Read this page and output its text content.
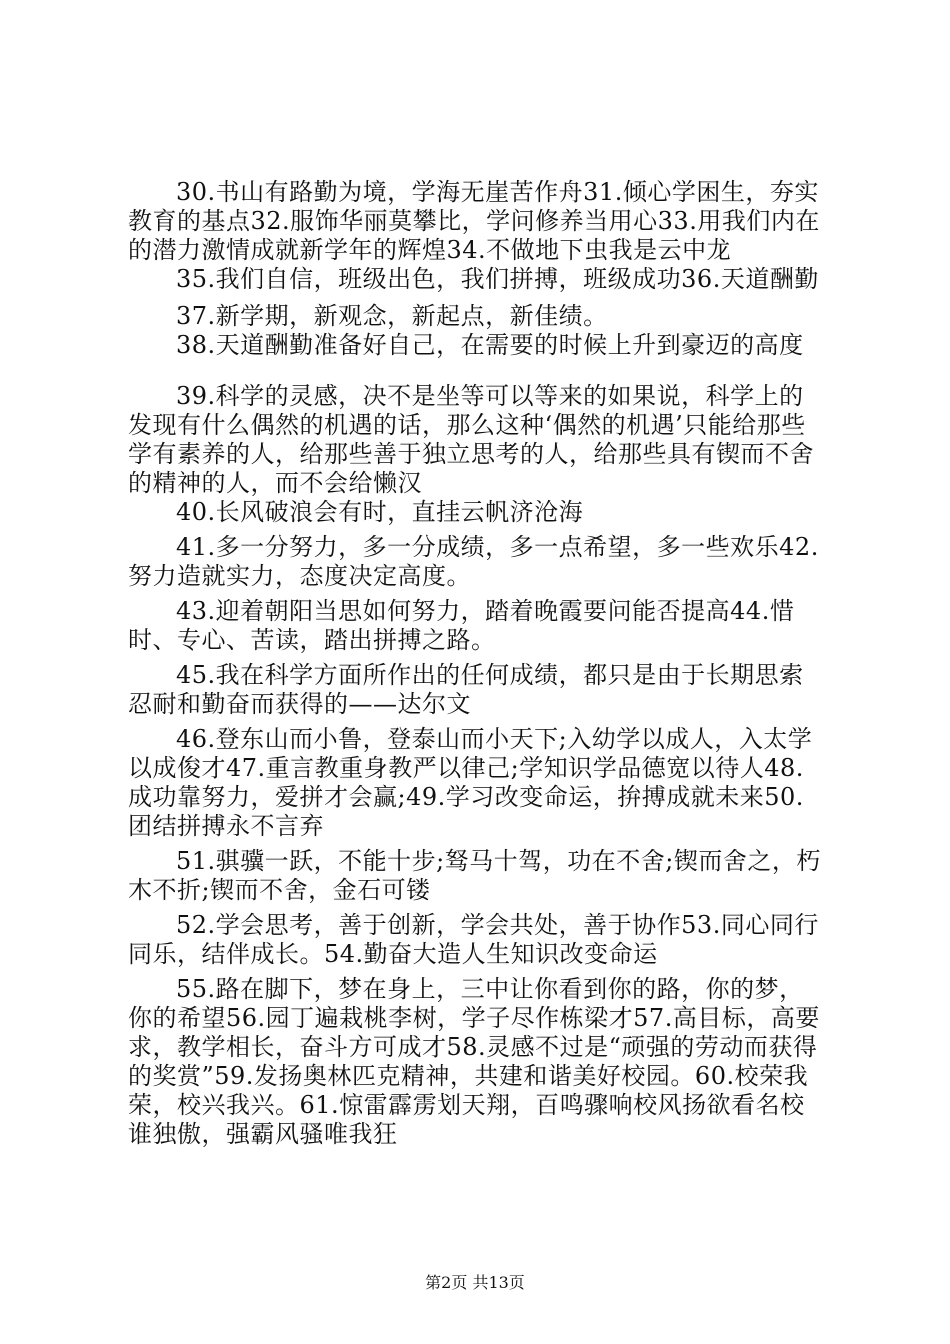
30.书山有路勤为境，学海无崖苦作舟31.倾心学困生，夯实教育的基点32.服饰华丽莫攀比，学问修养当用心33.用我们内在的潜力激情成就新学年的辉煌34.不做地下虫我是云中龙

35.我们自信，班级出色，我们拼搏，班级成功36.天道酬勤

37.新学期，新观念，新起点，新佳绩。

38.天道酬勤准备好自己，在需要的时候上升到豪迈的高度

39.科学的灵感，决不是坐等可以等来的如果说，科学上的发现有什么偶然的机遇的话，那么这种‘偶然的机遇’只能给那些学有素养的人，给那些善于独立思考的人，给那些具有锲而不舍的精神的人，而不会给懒汉

40.长风破浪会有时，直挂云帆济沧海

41.多一分努力，多一分成绩，多一点希望，多一些欢乐42.努力造就实力，态度决定高度。

43.迎着朝阳当思如何努力，踏着晚霞要问能否提高44.惜时、专心、苦读，踏出拼搏之路。

45.我在科学方面所作出的任何成绩，都只是由于长期思索忍耐和勤奋而获得的——达尔文

46.登东山而小鲁，登泰山而小天下;入幼学以成人，入太学以成俊才47.重言教重身教严以律己;学知识学品德宽以待人48.成功靠努力，爱拼才会赢;49.学习改变命运，拚搏成就未来50.团结拼搏永不言弃

51.骐骥一跃，不能十步;驽马十驾，功在不舍;锲而舍之，朽木不折;锲而不舍，金石可镂

52.学会思考，善于创新，学会共处，善于协作53.同心同行同乐，结伴成长。54.勤奋大造人生知识改变命运

55.路在脚下，梦在身上，三中让你看到你的路，你的梦，你的希望56.园丁遍栽桃李树，学子尽作栋梁才57.高目标，高要求，教学相长，奋斗方可成才58.灵感不过是“顽强的劳动而获得的奖赏”59.发扬奥林匹克精神，共建和谐美好校园。60.校荣我荣，校兴我兴。61.惊雷霹雳划天翔，百鸣骤响校风扬欲看名校谁独傲，强霸风骚唯我狂

第2页 共13页
